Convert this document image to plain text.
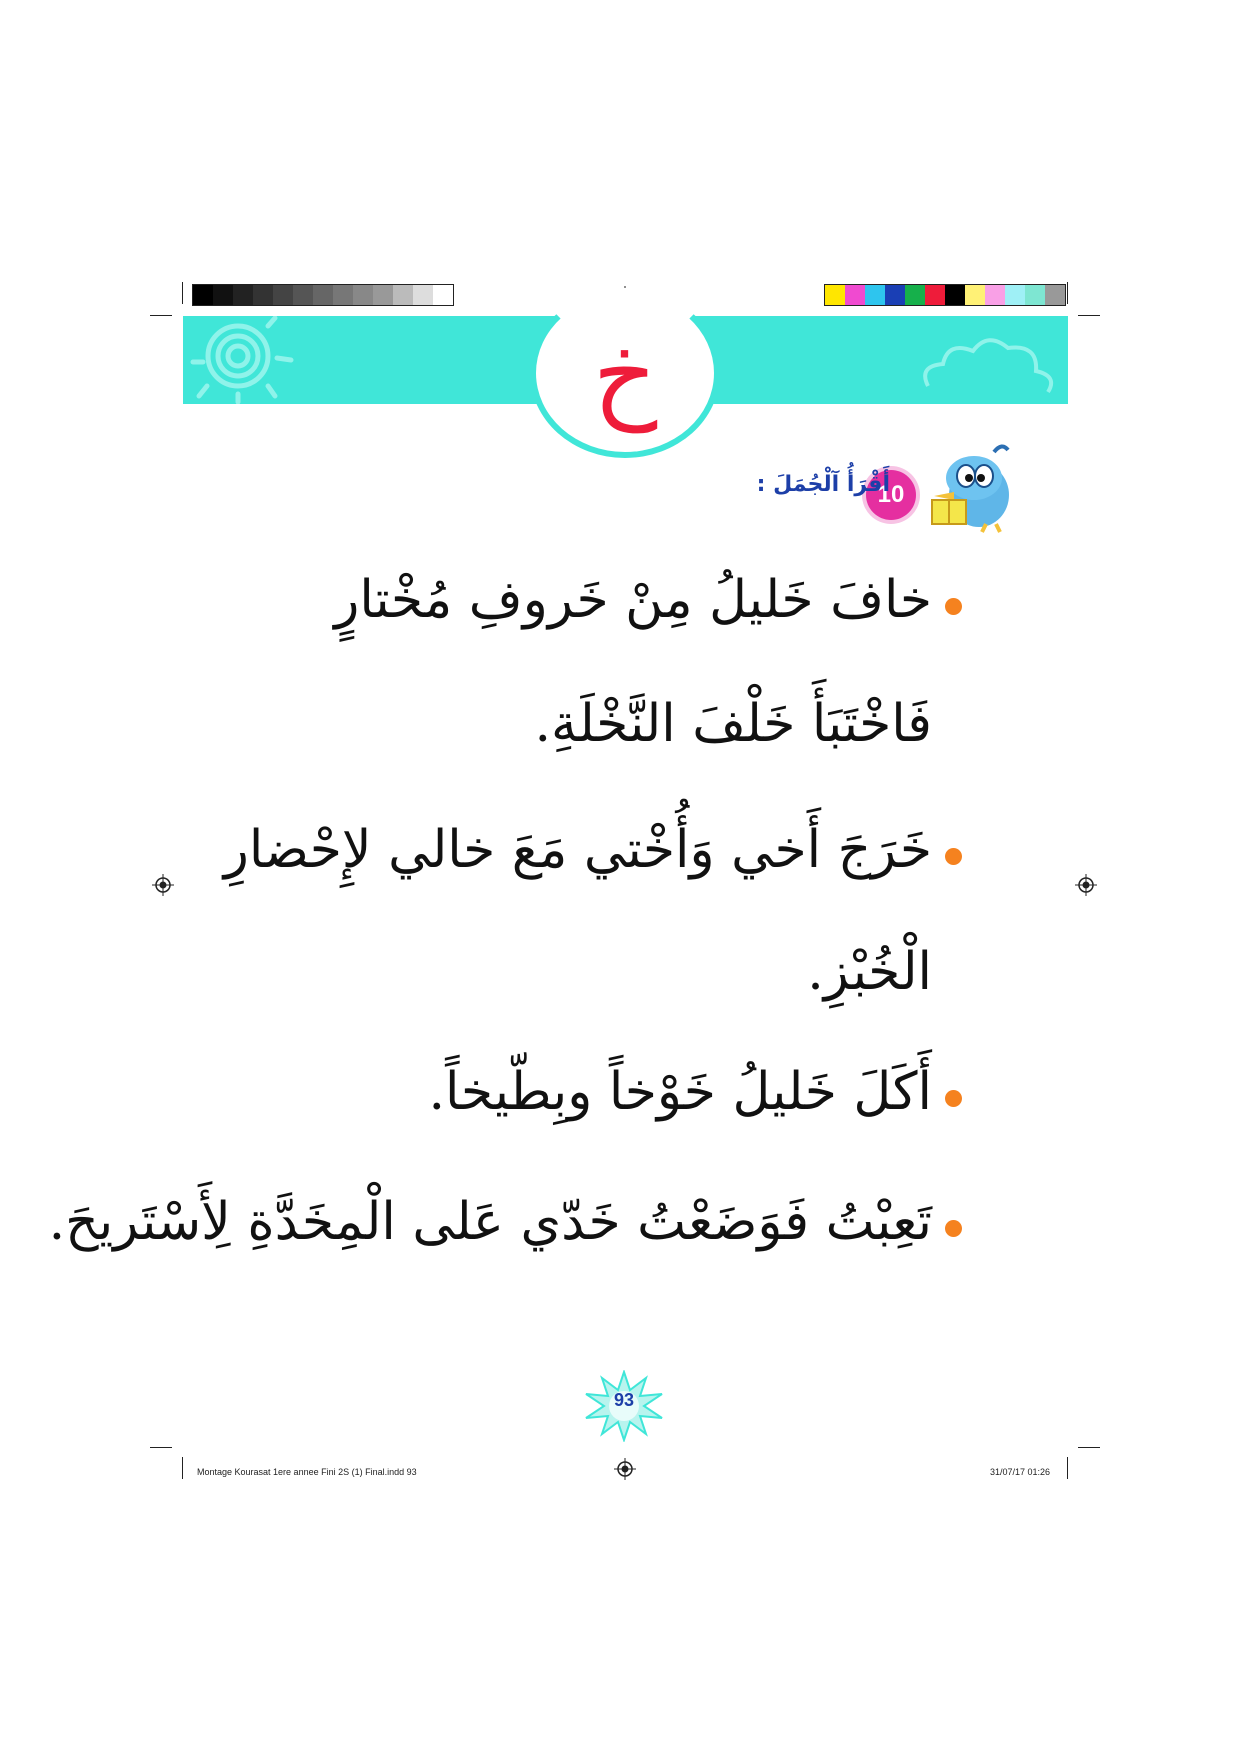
خ
10
أَقْرَأُ آلْجُمَلَ :
خافَ خَليلُ مِنْ خَروفِ مُخْتارٍ
فَاخْتَبَأَ خَلْفَ النَّخْلَةِ.
خَرَجَ أَخي وَأُخْتي مَعَ خالي لإِحْضارِ
الْخُبْزِ.
أَكَلَ خَليلُ خَوْخاً وبِطّيخاً.
تَعِبْتُ فَوَضَعْتُ خَدّي عَلى الْمِخَدَّةِ لِأَسْتَريحَ.
93
Montage Kourasat 1ere annee Fini 2S (1) Final.indd 93	31/07/17 01:26
